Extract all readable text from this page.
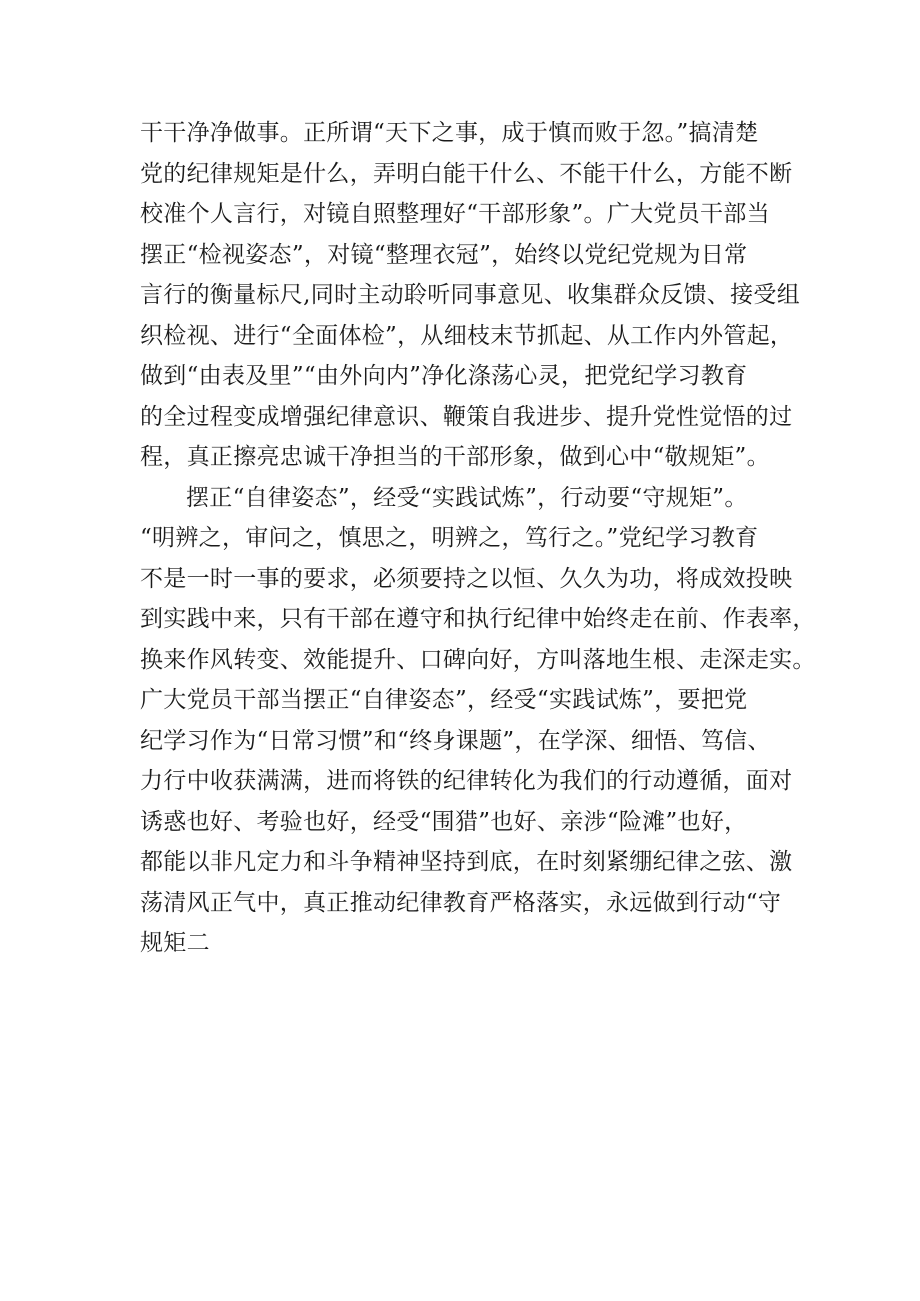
干干净净做事。正所谓“天下之事，成于慎而败于忽。”搞清楚
党的纪律规矩是什么，弄明白能干什么、不能干什么，方能不断
校准个人言行，对镜自照整理好“干部形象”。广大党员干部当
摆正“检视姿态”，对镜“整理衣冠”，始终以党纪党规为日常
言行的衡量标尺,同时主动聆听同事意见、收集群众反馈、接受组
织检视、进行“全面体检”，从细枝末节抓起、从工作内外管起，
做到“由表及里”“由外向内”净化涤荡心灵，把党纪学习教育
的全过程变成增强纪律意识、鞭策自我进步、提升党性觉悟的过
程，真正擦亮忠诚干净担当的干部形象，做到心中“敬规矩”。
摆正“自律姿态”，经受“实践试炼”，行动要“守规矩”。
“明辨之，审问之，慎思之，明辨之，笃行之。”党纪学习教育
不是一时一事的要求，必须要持之以恒、久久为功，将成效投映
到实践中来，只有干部在遵守和执行纪律中始终走在前、作表率，
换来作风转变、效能提升、口碑向好，方叫落地生根、走深走实。
广大党员干部当摆正“自律姿态”，经受“实践试炼”，要把党
纪学习作为“日常习惯”和“终身课题”，在学深、细悟、笃信、
力行中收获满满，进而将铁的纪律转化为我们的行动遵循，面对
诱惑也好、考验也好，经受“围猎”也好、亲涉“险滩”也好，
都能以非凡定力和斗争精神坚持到底，在时刻紧绷纪律之弦、激
荡清风正气中，真正推动纪律教育严格落实，永远做到行动“守
规矩二
